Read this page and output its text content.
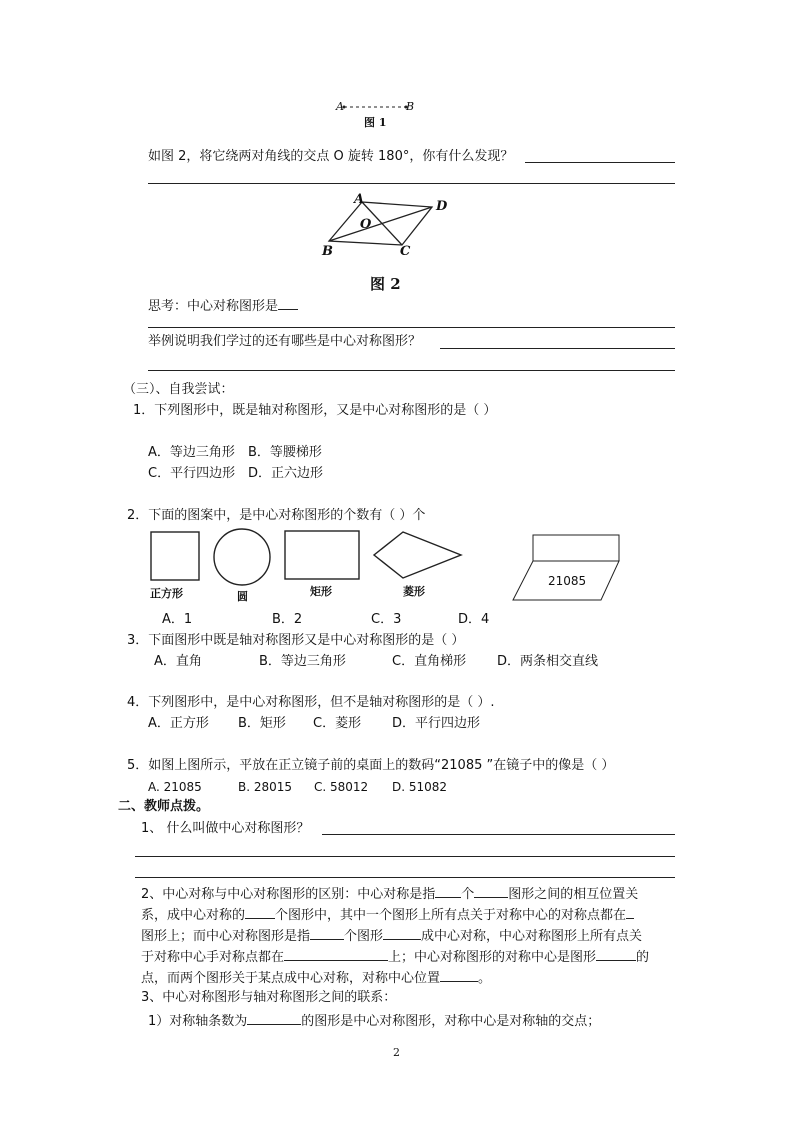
A	B
图 1
如图 2，将它绕两对角线的交点 O 旋转 180°，你有什么发现？
A	D
O
B	C
图 2
思考：中心对称图形是
举例说明我们学过的还有哪些是中心对称图形？
（三）、自我尝试：
1．下列图形中，既是轴对称图形，又是中心对称图形的是（ ）
A．等边三角形 B．等腰梯形
C．平行四边形 D．正六边形
2．下面的图案中，是中心对称图形的个数有（ ）个
正方形	圆	矩形	菱形
21085
A．1	B．2	C．3	D．4
3．下面图形中既是轴对称图形又是中心对称图形的是（ ）
A．直角	B．等边三角形	C．直角梯形 D．两条相交直线
4．下列图形中，是中心对称图形，但不是轴对称图形的是（ ）.
A．正方形 B．矩形 C．菱形 D．平行四边形
5．如图上图所示，平放在正立镜子前的桌面上的数码“21085 ”在镜子中的像是（ ）
A. 21085	B. 28015 C. 58012 D. 51082
二、教师点拨。
1、 什么叫做中心对称图形？
2、中心对称与中心对称图形的区别：中心对称是指 个	图形之间的相互位置关
系，成中心对称的 个图形中，其中一个图形上所有点关于对称中心的对称点都在
图形上；而中心对称图形是指	个图形	成中心对称，中心对称图形上所有点关
于对称中心手对称点都在	上；中心对称图形的对称中心是图形	的
点，而两个图形关于某点成中心对称，对称中心位置	。
3、中心对称图形与轴对称图形之间的联系：
1）对称轴条数为	的图形是中心对称图形，对称中心是对称轴的交点；
2
